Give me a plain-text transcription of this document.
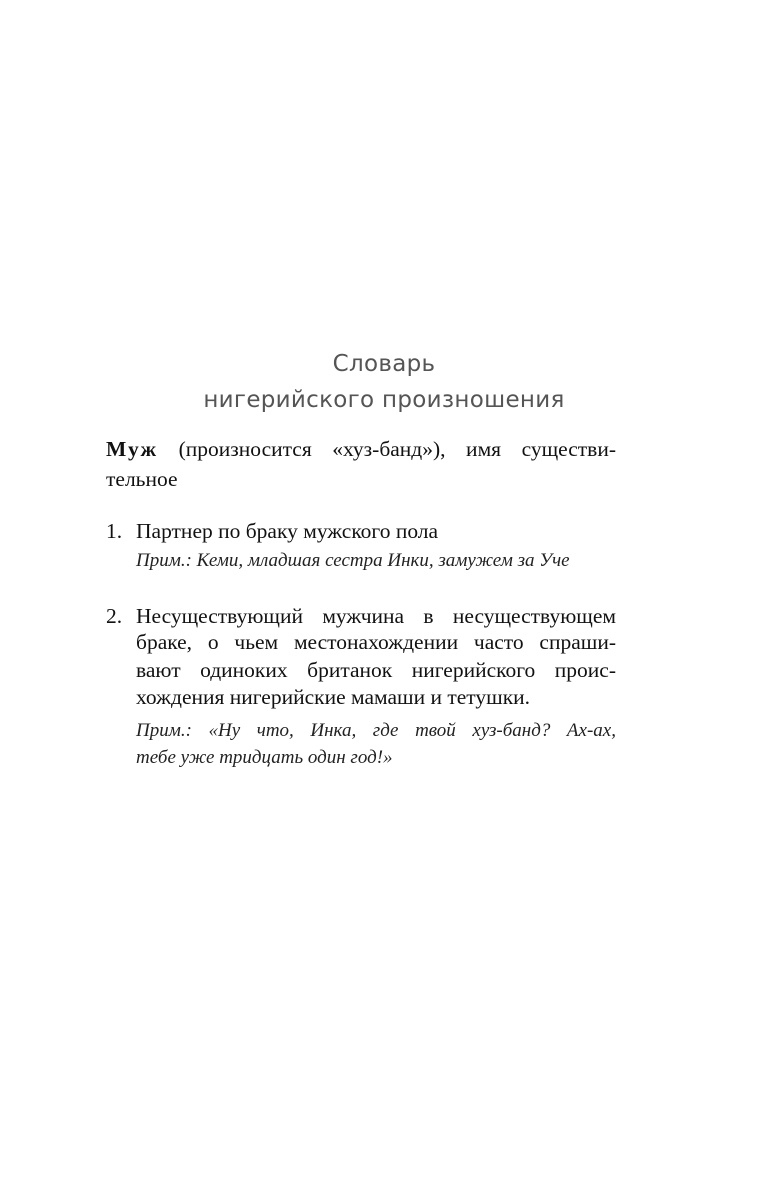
Словарь
нигерийского произношения
Муж (произносится «хуз-банд»), имя существи-
тельное
1. Партнер по браку мужского пола
Прим.: Кеми, младшая сестра Инки, замужем за Уче
2. Несуществующий мужчина в несуществующем
браке, о чьем местонахождении часто спраши-
вают одиноких британок нигерийского проис-
хождения нигерийские мамаши и тетушки.
Прим.: «Ну что, Инка, где твой хуз-банд? Ах-ах,
тебе уже тридцать один год!»
